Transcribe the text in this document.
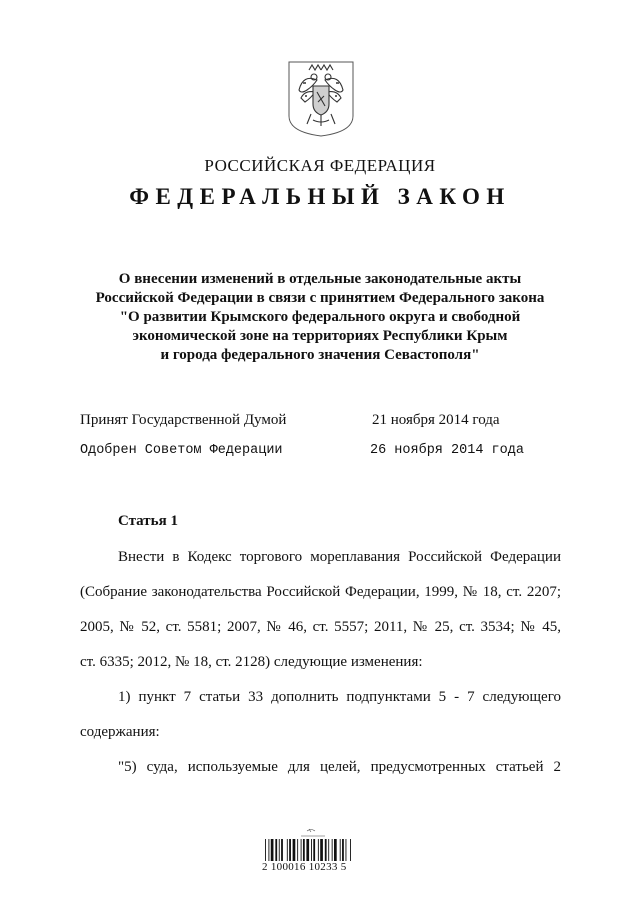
РОССИЙСКАЯ ФЕДЕРАЦИЯ
ФЕДЕРАЛЬНЫЙ ЗАКОН
О внесении изменений в отдельные законодательные акты
Российской Федерации в связи с принятием Федерального закона
"О развитии Крымского федерального округа и свободной
экономической зоне на территориях Республики Крым
и города федерального значения Севастополя"
Принят Государственной Думой	21 ноября 2014 года
Одобрен Советом Федерации	26 ноября 2014 года
Статья 1
Внести в Кодекс торгового мореплавания Российской Федерации
(Собрание законодательства Российской Федерации, 1999, № 18, ст. 2207;
2005, № 52, ст. 5581; 2007, № 46, ст. 5557; 2011, № 25, ст. 3534; № 45,
ст. 6335; 2012, № 18, ст. 2128) следующие изменения:
1) пункт 7 статьи 33 дополнить подпунктами 5 - 7 следующего
содержания:
"5) суда, используемые для целей, предусмотренных статьей 2
2 100016 10233 5
